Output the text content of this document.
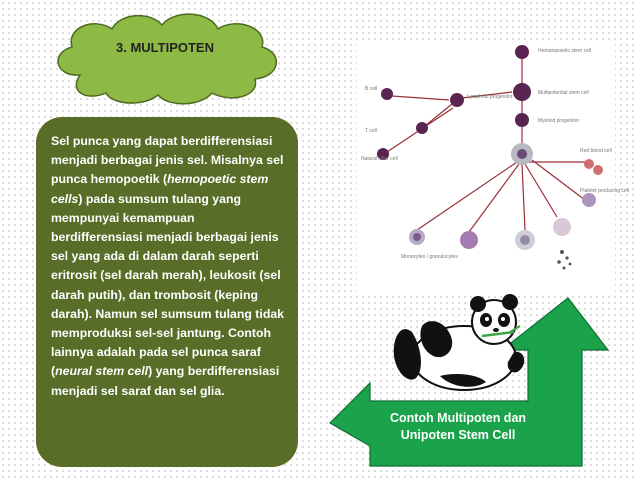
3. MULTIPOTEN
Sel punca yang dapat berdifferensiasi menjadi berbagai jenis sel. Misalnya sel punca hemopoetik (hemopoetic stem cells) pada sumsum tulang yang mempunyai kemampuan berdifferensiasi menjadi berbagai jenis sel yang ada di dalam darah seperti eritrosit (sel darah merah), leukosit (sel darah putih), dan trombosit (keping darah). Namun sel sumsum tulang tidak memproduksi sel-sel jantung. Contoh lainnya adalah pada sel punca saraf (neural stem cell) yang berdifferensiasi menjadi sel saraf dan sel glia.
Hematopoietic stem cell
Multipotential stem cell
Lymphoid progenitor
Myeloid progenitor
B cell
T cell
Natural killer cell
Red blood cell
Platelet producing cell
Monocytes / granulocytes
Contoh Multipoten dan Unipoten Stem Cell
